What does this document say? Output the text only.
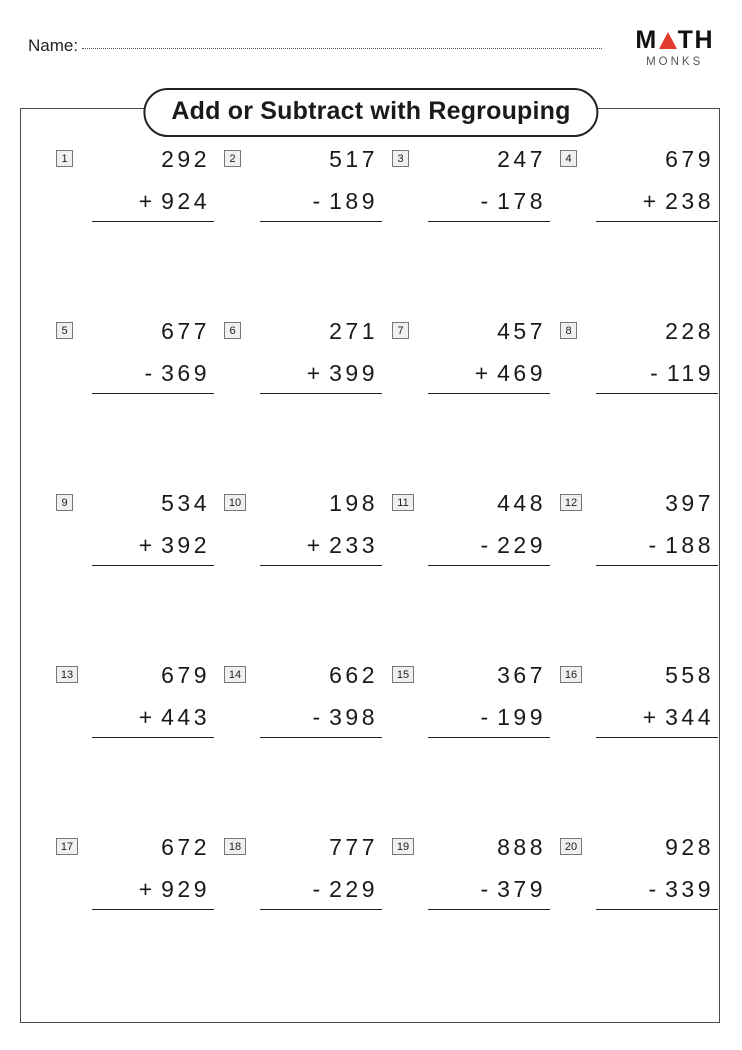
Name:	M TH
MONKS
Add or Subtract with Regrouping
1	292
+ 924
2	517
- 189
3	247
- 178
4	679
+ 238
5	677
- 369
6	271
+ 399
7	457
+ 469
8	228
- 119
9	534
+ 392
10	198
+ 233
11	448
- 229
12	397
- 188
13	679
+ 443
14	662
- 398
15	367
- 199
16	558
+ 344
17	672
+ 929
18	777
- 229
19	888
- 379
20	928
- 339
